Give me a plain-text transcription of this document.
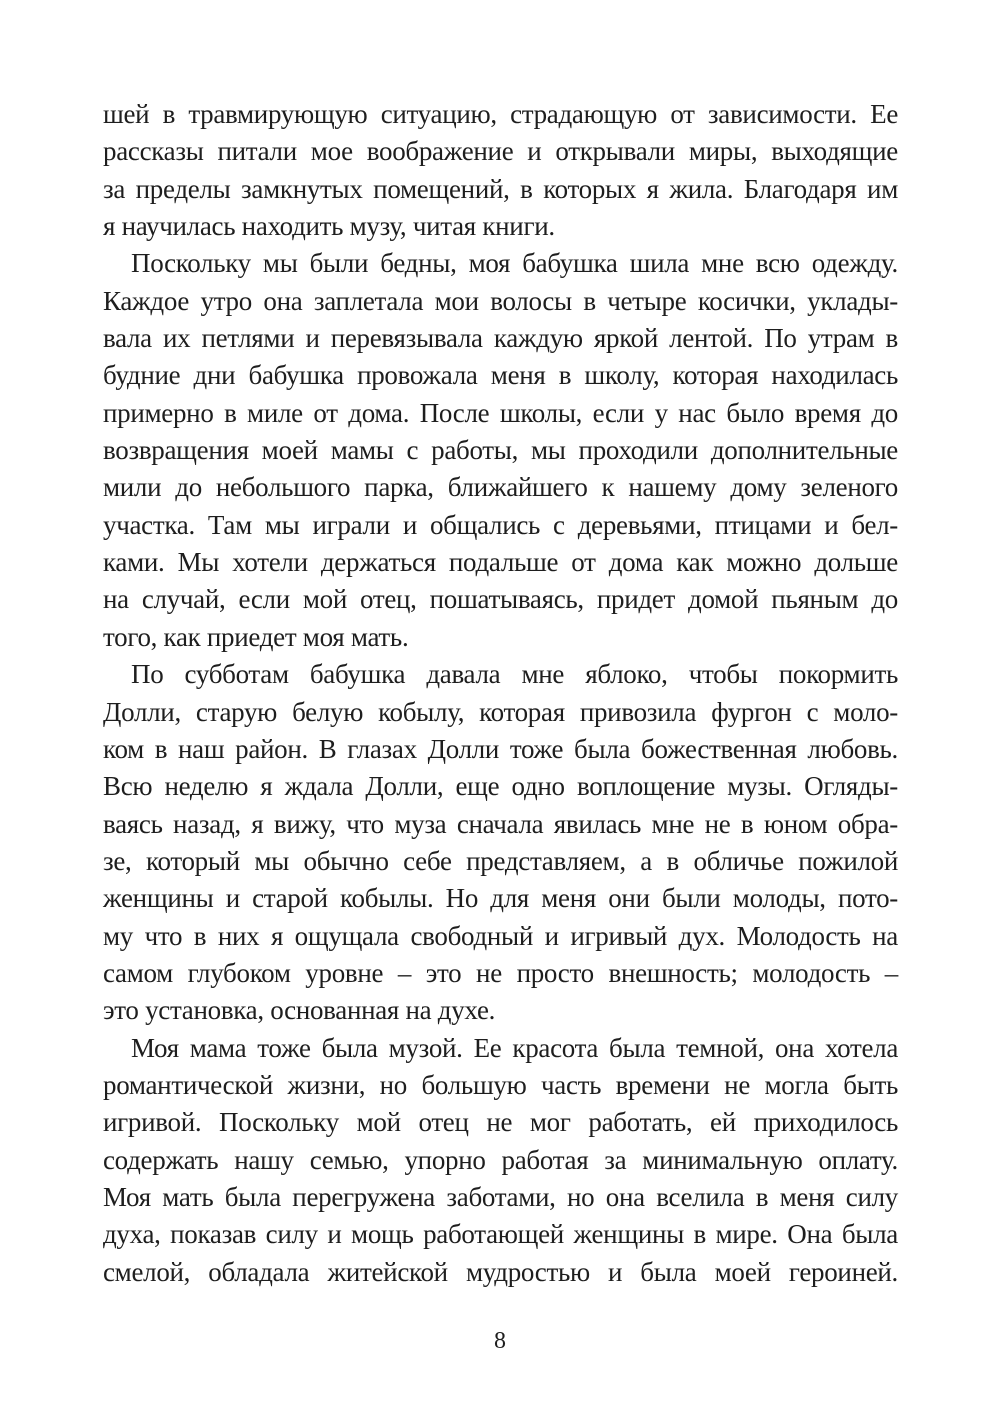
шей в травмирующую ситуацию, страдающую от зависимости. Ее
рассказы питали мое воображение и открывали миры, выходящие
за пределы замкнутых помещений, в которых я жила. Благодаря им
я научилась находить музу, читая книги.
Поскольку мы были бедны, моя бабушка шила мне всю одежду.
Каждое утро она заплетала мои волосы в четыре косички, уклады-
вала их петлями и перевязывала каждую яркой лентой. По утрам в
будние дни бабушка провожала меня в школу, которая находилась
примерно в миле от дома. После школы, если у нас было время до
возвращения моей мамы с работы, мы проходили дополнительные
мили до небольшого парка, ближайшего к нашему дому зеленого
участка. Там мы играли и общались с деревьями, птицами и бел-
ками. Мы хотели держаться подальше от дома как можно дольше
на случай, если мой отец, пошатываясь, придет домой пьяным до
того, как приедет моя мать.
По субботам бабушка давала мне яблоко, чтобы покормить
Долли, старую белую кобылу, которая привозила фургон с моло-
ком в наш район. В глазах Долли тоже была божественная любовь.
Всю неделю я ждала Долли, еще одно воплощение музы. Огляды-
ваясь назад, я вижу, что муза сначала явилась мне не в юном обра-
зе, который мы обычно себе представляем, а в обличье пожилой
женщины и старой кобылы. Но для меня они были молоды, пото-
му что в них я ощущала свободный и игривый дух. Молодость на
самом глубоком уровне – это не просто внешность; молодость –
это установка, основанная на духе.
Моя мама тоже была музой. Ее красота была темной, она хотела
романтической жизни, но большую часть времени не могла быть
игривой. Поскольку мой отец не мог работать, ей приходилось
содержать нашу семью, упорно работая за минимальную оплату.
Моя мать была перегружена заботами, но она вселила в меня силу
духа, показав силу и мощь работающей женщины в мире. Она была
смелой, обладала житейской мудростью и была моей героиней.
8
